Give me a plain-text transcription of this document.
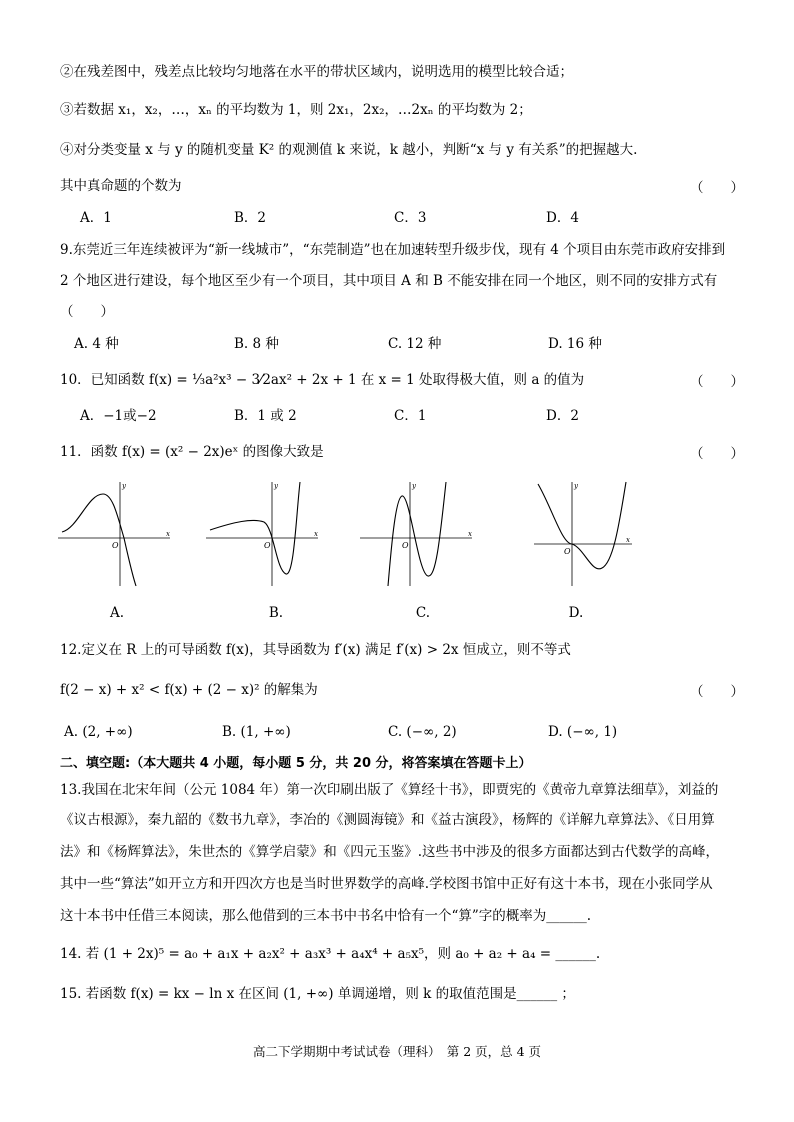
②在残差图中，残差点比较均匀地落在水平的带状区域内，说明选用的模型比较合适；
③若数据 x₁，x₂，…，xₙ 的平均数为 1，则 2x₁，2x₂，…2xₙ 的平均数为 2；
④对分类变量 x 与 y 的随机变量 K² 的观测值 k 来说，k 越小，判断“x 与 y 有关系”的把握越大.
其中真命题的个数为	（　　）
A．1	B．2	C．3	D．4
9.东莞近三年连续被评为“新一线城市”，“东莞制造”也在加速转型升级步伐，现有 4 个项目由东莞市政府安排到
2 个地区进行建设，每个地区至少有一个项目，其中项目 A 和 B 不能安排在同一个地区，则不同的安排方式有
（　　）
A. 4 种	B. 8 种	C. 12 种	D. 16 种
10．已知函数 f(x) = ⅓a²x³ − 3⁄2ax² + 2x + 1 在 x = 1 处取得极大值，则 a 的值为	（　　）
A．−1或−2	B．1 或 2	C．1	D．2
11．函数 f(x) = (x² − 2x)eˣ 的图像大致是	（　　）
y
x
O
y
x
O
y
x
O
y
x
O
A.	B.	C.	D.
12.定义在 R 上的可导函数 f(x)，其导函数为 f′(x) 满足 f′(x) > 2x 恒成立，则不等式
f(2 − x) + x² < f(x) + (2 − x)² 的解集为	（　　）
A. (2, +∞)	B. (1, +∞)	C. (−∞, 2)	D. (−∞, 1)
二、填空题:（本大题共 4 小题，每小题 5 分，共 20 分，将答案填在答题卡上）
13.我国在北宋年间（公元 1084 年）第一次印刷出版了《算经十书》，即贾宪的《黄帝九章算法细草》，刘益的
《议古根源》，秦九韶的《数书九章》，李冶的《测圆海镜》和《益古演段》，杨辉的《详解九章算法》、《日用算
法》和《杨辉算法》，朱世杰的《算学启蒙》和《四元玉鉴》.这些书中涉及的很多方面都达到古代数学的高峰，
其中一些“算法”如开立方和开四次方也是当时世界数学的高峰.学校图书馆中正好有这十本书，现在小张同学从
这十本书中任借三本阅读，那么他借到的三本书中书名中恰有一个“算”字的概率为______.
14. 若 (1 + 2x)⁵ = a₀ + a₁x + a₂x² + a₃x³ + a₄x⁴ + a₅x⁵，则 a₀ + a₂ + a₄ = ______.
15. 若函数 f(x) = kx − ln x 在区间 (1, +∞) 单调递增，则 k 的取值范围是______ ；
高二下学期期中考试试卷（理科）　第 2 页，总 4 页
